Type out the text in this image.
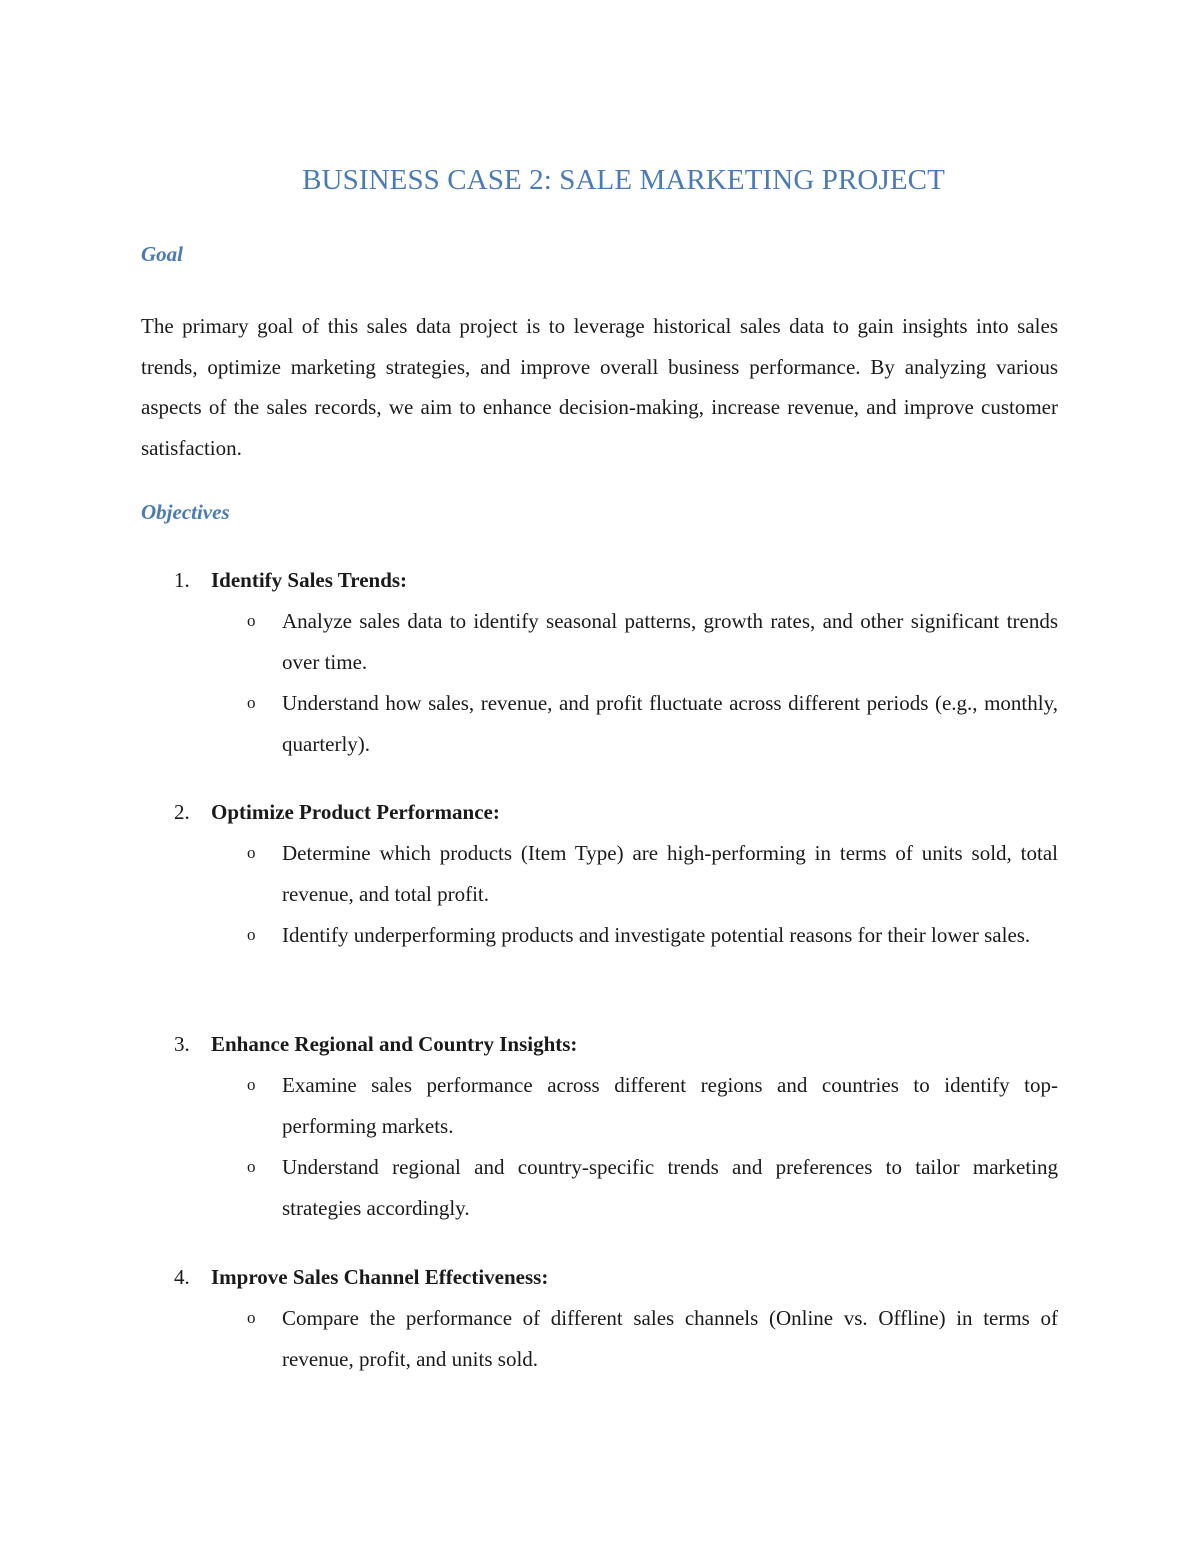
BUSINESS CASE 2: SALE MARKETING PROJECT
Goal

The primary goal of this sales data project is to leverage historical sales data to gain insights into sales trends, optimize marketing strategies, and improve overall business performance. By analyzing various aspects of the sales records, we aim to enhance decision-making, increase revenue, and improve customer satisfaction.

Objectives

1. Identify Sales Trends:

o Analyze sales data to identify seasonal patterns, growth rates, and other significant trends over time.
o Understand how sales, revenue, and profit fluctuate across different periods (e.g., monthly, quarterly).

2. Optimize Product Performance:

o Determine which products (Item Type) are high-performing in terms of units sold, total revenue, and total profit.
o Identify underperforming products and investigate potential reasons for their lower sales.

3. Enhance Regional and Country Insights:

o Examine sales performance across different regions and countries to identify top-performing markets.
o Understand regional and country-specific trends and preferences to tailor marketing strategies accordingly.

4. Improve Sales Channel Effectiveness:

o Compare the performance of different sales channels (Online vs. Offline) in terms of revenue, profit, and units sold.
